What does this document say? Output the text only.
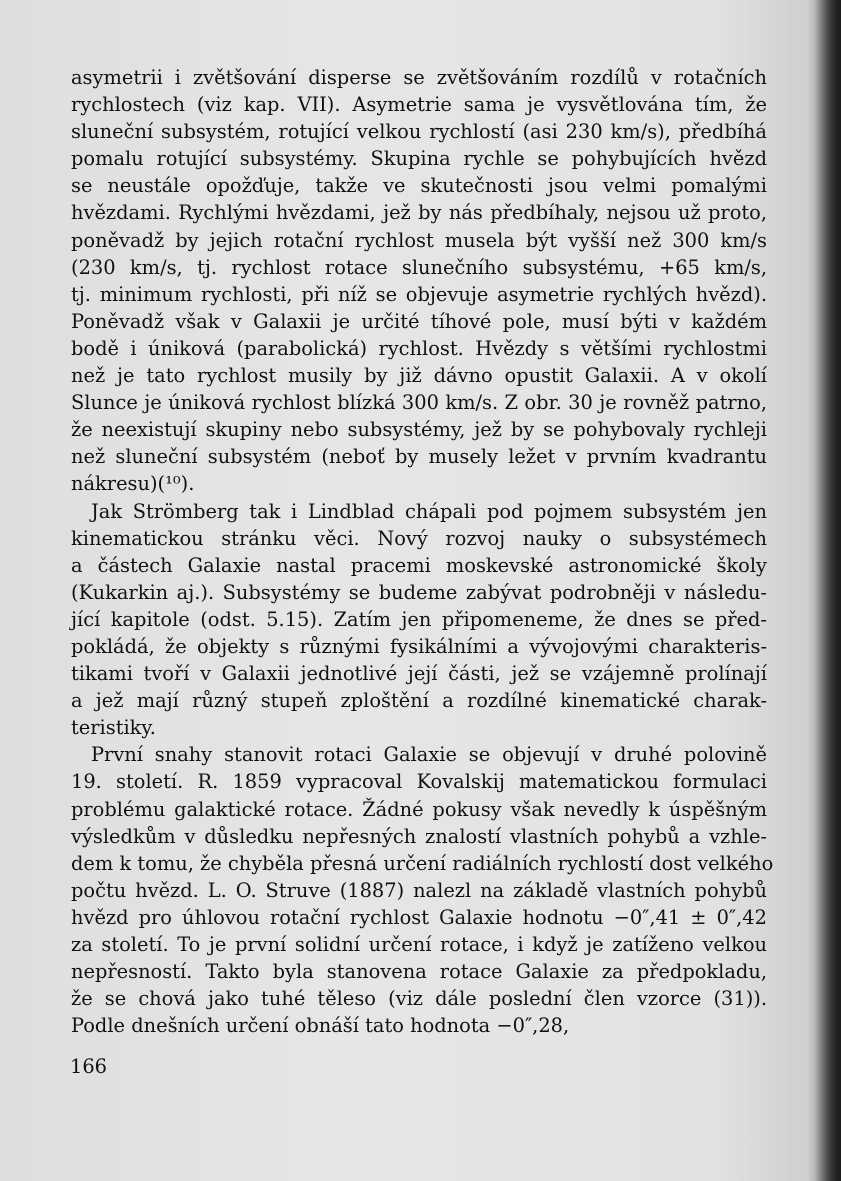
asymetrii i zvětšování disperse se zvětšováním rozdílů v rotačních
rychlostech (viz kap. VII). Asymetrie sama je vysvětlována tím, že
sluneční subsystém, rotující velkou rychlostí (asi 230 km/s), předbíhá
pomalu rotující subsystémy. Skupina rychle se pohybujících hvězd
se neustále opožďuje, takže ve skutečnosti jsou velmi pomalými
hvězdami. Rychlými hvězdami, jež by nás předbíhaly, nejsou už proto,
poněvadž by jejich rotační rychlost musela být vyšší než 300 km/s
(230 km/s, tj. rychlost rotace slunečního subsystému, +65 km/s,
tj. minimum rychlosti, při níž se objevuje asymetrie rychlých hvězd).
Poněvadž však v Galaxii je určité tíhové pole, musí býti v každém
bodě i úniková (parabolická) rychlost. Hvězdy s většími rychlostmi
než je tato rychlost musily by již dávno opustit Galaxii. A v okolí
Slunce je úniková rychlost blízká 300 km/s. Z obr. 30 je rovněž patrno,
že neexistují skupiny nebo subsystémy, jež by se pohybovaly rychleji
než sluneční subsystém (neboť by musely ležet v prvním kvadrantu
nákresu)(¹⁰).
Jak Strömberg tak i Lindblad chápali pod pojmem subsystém jen
kinematickou stránku věci. Nový rozvoj nauky o subsystémech
a částech Galaxie nastal pracemi moskevské astronomické školy
(Kukarkin aj.). Subsystémy se budeme zabývat podrobněji v následu-
jící kapitole (odst. 5.15). Zatím jen připomeneme, že dnes se před-
pokládá, že objekty s různými fysikálními a vývojovými charakteris-
tikami tvoří v Galaxii jednotlivé její části, jež se vzájemně prolínají
a jež mají různý stupeň zploštění a rozdílné kinematické charak-
teristiky.
První snahy stanovit rotaci Galaxie se objevují v druhé polovině
19. století. R. 1859 vypracoval Kovalskij matematickou formulaci
problému galaktické rotace. Žádné pokusy však nevedly k úspěšným
výsledkům v důsledku nepřesných znalostí vlastních pohybů a vzhle-
dem k tomu, že chyběla přesná určení radiálních rychlostí dost velkého
počtu hvězd. L. O. Struve (1887) nalezl na základě vlastních pohybů
hvězd pro úhlovou rotační rychlost Galaxie hodnotu −0″,41 ± 0″,42
za století. To je první solidní určení rotace, i když je zatíženo velkou
nepřesností. Takto byla stanovena rotace Galaxie za předpokladu,
že se chová jako tuhé těleso (viz dále poslední člen vzorce (31)).
Podle dnešních určení obnáší tato hodnota −0″,28,
166
